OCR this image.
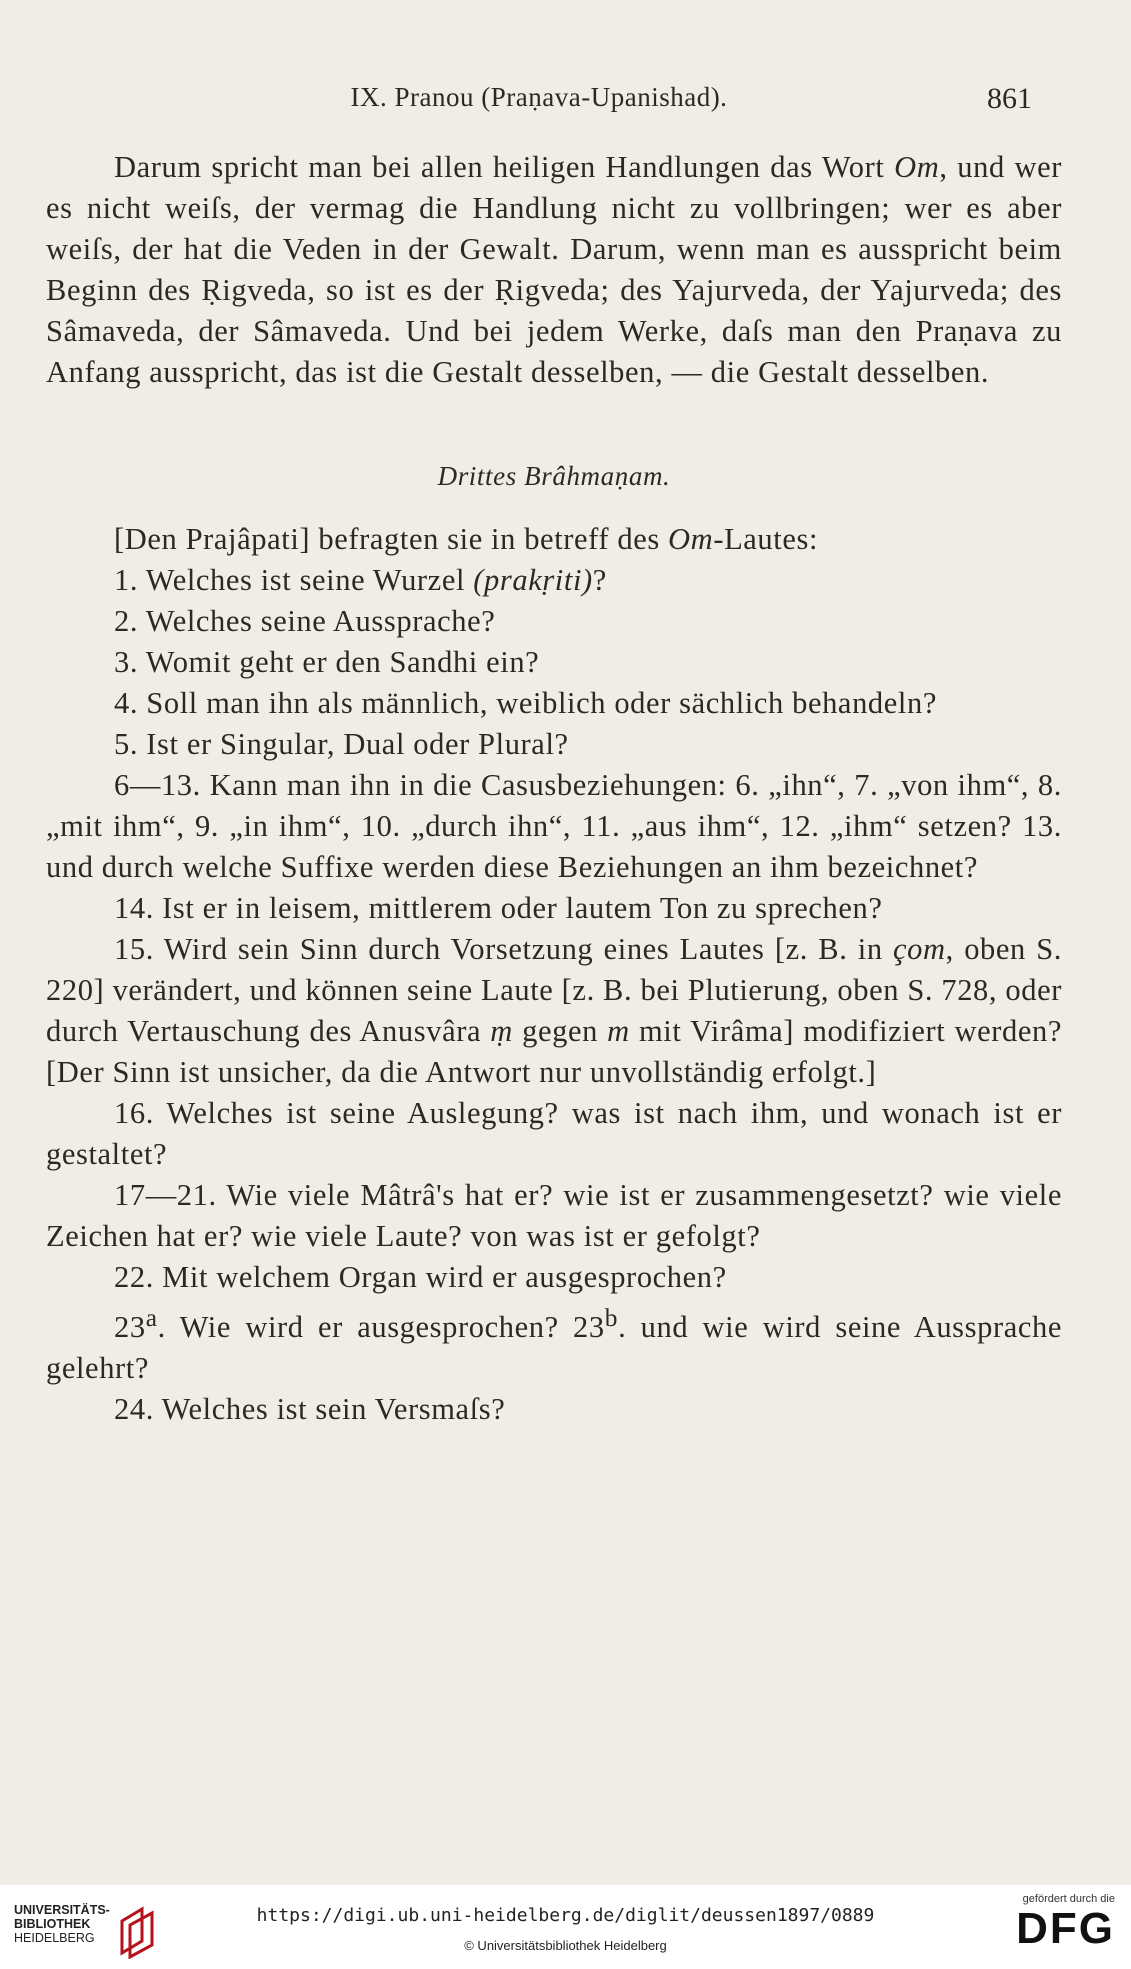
IX. Pranou (Praṇava-Upanishad).	861

Darum spricht man bei allen heiligen Handlungen das Wort Om, und wer es nicht weiſs, der vermag die Handlung nicht zu vollbringen; wer es aber weiſs, der hat die Veden in der Gewalt. Darum, wenn man es ausspricht beim Beginn des Ṛigveda, so ist es der Ṛigveda; des Yajurveda, der Yajurveda; des Sâmaveda, der Sâmaveda. Und bei jedem Werke, daſs man den Praṇava zu Anfang ausspricht, das ist die Gestalt desselben, — die Gestalt desselben.

Drittes Brâhmaṇam.

[Den Prajâpati] befragten sie in betreff des Om-Lautes:

1. Welches ist seine Wurzel (prakṛiti)?

2. Welches seine Aussprache?

3. Womit geht er den Sandhi ein?

4. Soll man ihn als männlich, weiblich oder sächlich behandeln?

5. Ist er Singular, Dual oder Plural?

6—13. Kann man ihn in die Casusbeziehungen: 6. „ihn“, 7. „von ihm“, 8. „mit ihm“, 9. „in ihm“, 10. „durch ihn“, 11. „aus ihm“, 12. „ihm“ setzen? 13. und durch welche Suffixe werden diese Beziehungen an ihm bezeichnet?

14. Ist er in leisem, mittlerem oder lautem Ton zu sprechen?

15. Wird sein Sinn durch Vorsetzung eines Lautes [z. B. in çom, oben S. 220] verändert, und können seine Laute [z. B. bei Plutierung, oben S. 728, oder durch Vertauschung des Anusvâra ṃ gegen m mit Virâma] modifiziert werden? [Der Sinn ist unsicher, da die Antwort nur unvollständig erfolgt.]

16. Welches ist seine Auslegung? was ist nach ihm, und wonach ist er gestaltet?

17—21. Wie viele Mâtrâ's hat er? wie ist er zusammengesetzt? wie viele Zeichen hat er? wie viele Laute? von was ist er gefolgt?

22. Mit welchem Organ wird er ausgesprochen?

23$^a$. Wie wird er ausgesprochen? 23$^b$. und wie wird seine Aussprache gelehrt?

24. Welches ist sein Versmaſs?

UNIVERSITÄTS-
BIBLIOTHEK
HEIDELBERG
https://digi.ub.uni-heidelberg.de/diglit/deussen1897/0889
© Universitätsbibliothek Heidelberg
gefördert durch die
DFG
